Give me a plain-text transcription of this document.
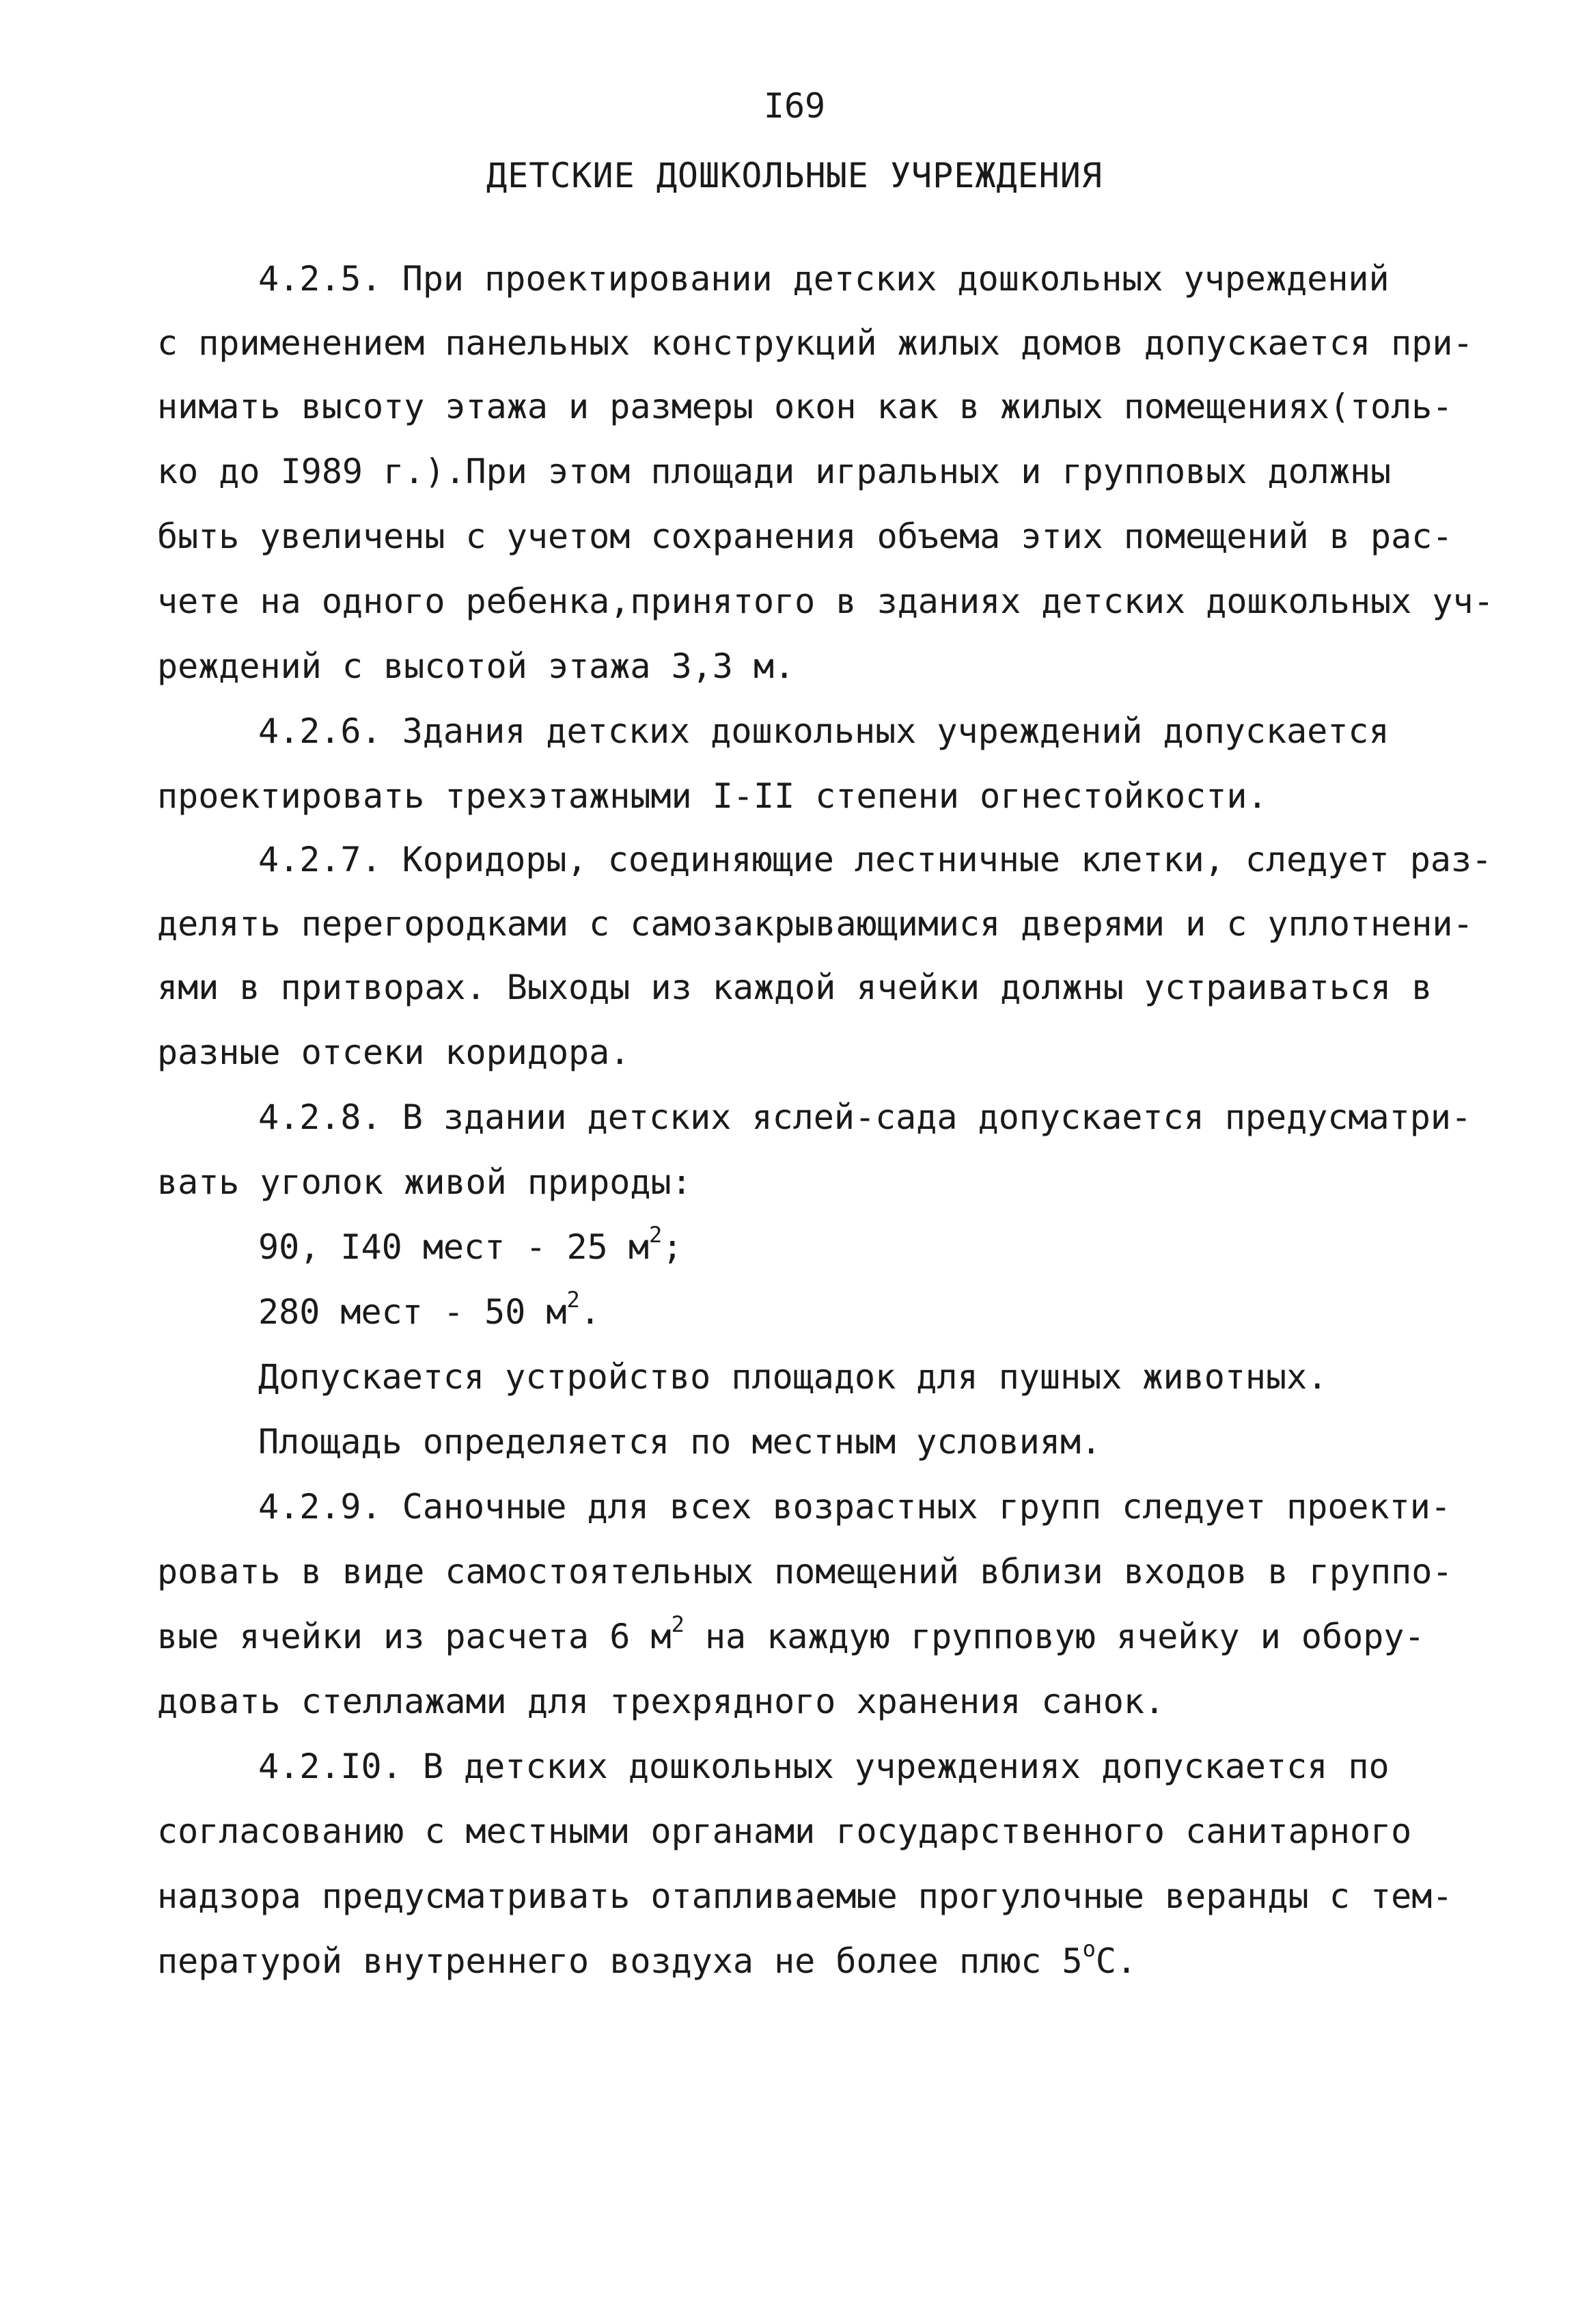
I69
ДЕТСКИЕ ДОШКОЛЬНЫЕ УЧРЕЖДЕНИЯ
4.2.5. При проектировании детских дошкольных учреждений
с применением панельных конструкций жилых домов допускается при-
нимать высоту этажа и размеры окон как в жилых помещенияx(толь-
ко до I989 г.).При этом площади игральных и групповых должны
быть увеличены с учетом сохранения объема этих помещений в рас-
чете на одного ребенка,принятого в зданиях детских дошкольных уч-
реждений с высотой этажа 3,3 м.
4.2.6. Здания детских дошкольных учреждений допускается
проектировать трехэтажными I-II степени огнестойкости.
4.2.7. Коридоры, соединяющие лестничные клетки, следует раз-
делять перегородками с самозакрывающимися дверями и с уплотнени-
ями в притворах. Выходы из каждой ячейки должны устраиваться в
разные отсеки коридора.
4.2.8. В здании детских яслей-сада допускается предусматри-
вать уголок живой природы:
90, I40 мест - 25 $м^2$;
280 мест - 50 $м^2$.
Допускается устройство площадок для пушных животных.
Площадь определяется по местным условиям.
4.2.9. Саночные для всех возрастных групп следует проекти-
ровать в виде самостоятельных помещений вблизи входов в группо-
вые ячейки из расчета 6 $м^2$ на каждую групповую ячейку и обору-
довать стеллажами для трехрядного хранения санок.
4.2.I0. В детских дошкольных учреждениях допускается по
согласованию с местными органами государственного санитарного
надзора предусматривать отапливаемые прогулочные веранды с тем-
пературой внутреннего воздуха не более плюс $5^оС$.
